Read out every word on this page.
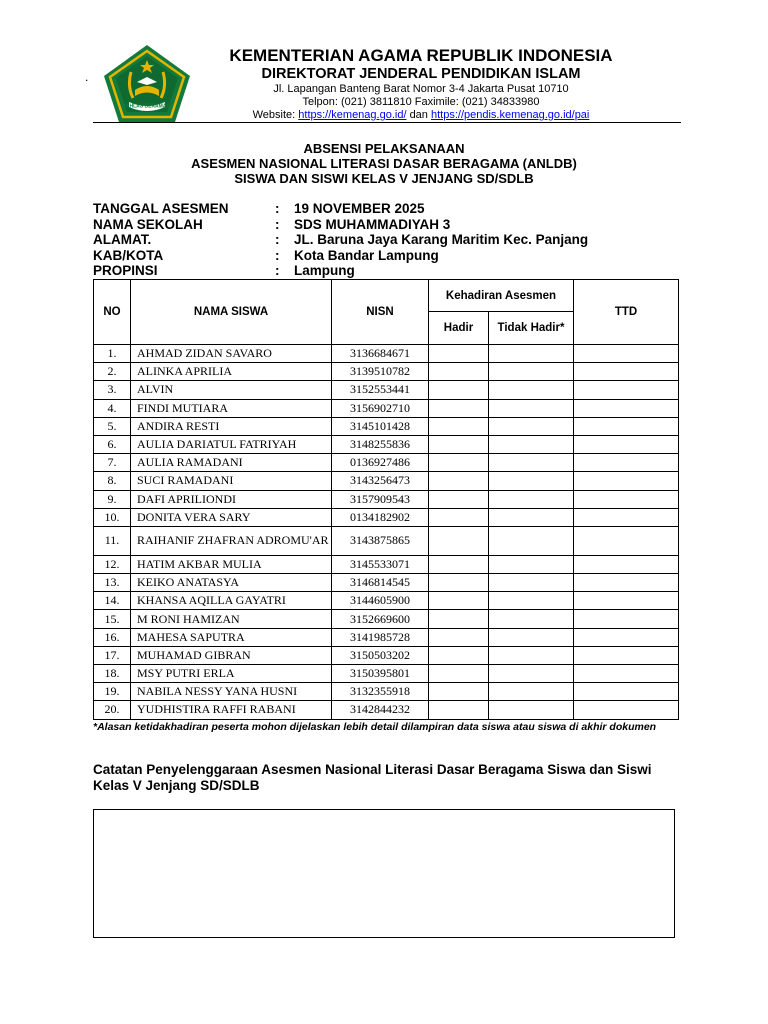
.
IKHLAS BERAMAL
KEMENTERIAN AGAMA REPUBLIK INDONESIA
DIREKTORAT JENDERAL PENDIDIKAN ISLAM
Jl. Lapangan Banteng Barat Nomor 3-4 Jakarta Pusat 10710
Telpon: (021) 3811810 Faximile: (021) 34833980
Website: https://kemenag.go.id/ dan https://pendis.kemenag.go.id/pai
ABSENSI PELAKSANAAN
ASESMEN NASIONAL LITERASI DASAR BERAGAMA (ANLDB)
SISWA DAN SISWI KELAS V JENJANG SD/SDLB
TANGGAL ASESMEN	: 19 NOVEMBER 2025
NAMA SEKOLAH	: SDS MUHAMMADIYAH 3
ALAMAT.	: JL. Baruna Jaya Karang Maritim Kec. Panjang
KAB/KOTA	: Kota Bandar Lampung
PROPINSI	: Lampung
NO	NAMA SISWA	NISN	Kehadiran Asesmen		TTD
			Hadir	Tidak Hadir*	
1.	AHMAD ZIDAN SAVARO	3136684671			
2.	ALINKA APRILIA	3139510782			
3.	ALVIN	3152553441			
4.	FINDI MUTIARA	3156902710			
5.	ANDIRA RESTI	3145101428			
6.	AULIA DARIATUL FATRIYAH	3148255836			
7.	AULIA RAMADANI	0136927486			
8.	SUCI RAMADANI	3143256473			
9.	DAFI APRILIONDI	3157909543			
10.	DONITA VERA SARY	0134182902			
11.	RAIHANIF ZHAFRAN ADROMU'AR	3143875865			
12.	HATIM AKBAR MULIA	3145533071			
13.	KEIKO ANATASYA	3146814545			
14.	KHANSA AQILLA GAYATRI	3144605900			
15.	M RONI HAMIZAN	3152669600			
16.	MAHESA SAPUTRA	3141985728			
17.	MUHAMAD GIBRAN	3150503202			
18.	MSY PUTRI ERLA	3150395801			
19.	NABILA NESSY YANA HUSNI	3132355918			
20.	YUDHISTIRA RAFFI RABANI	3142844232			
*Alasan ketidakhadiran peserta mohon dijelaskan lebih detail dilampiran data siswa atau siswa di akhir dokumen
Catatan Penyelenggaraan Asesmen Nasional Literasi Dasar Beragama Siswa dan Siswi Kelas V Jenjang SD/SDLB
